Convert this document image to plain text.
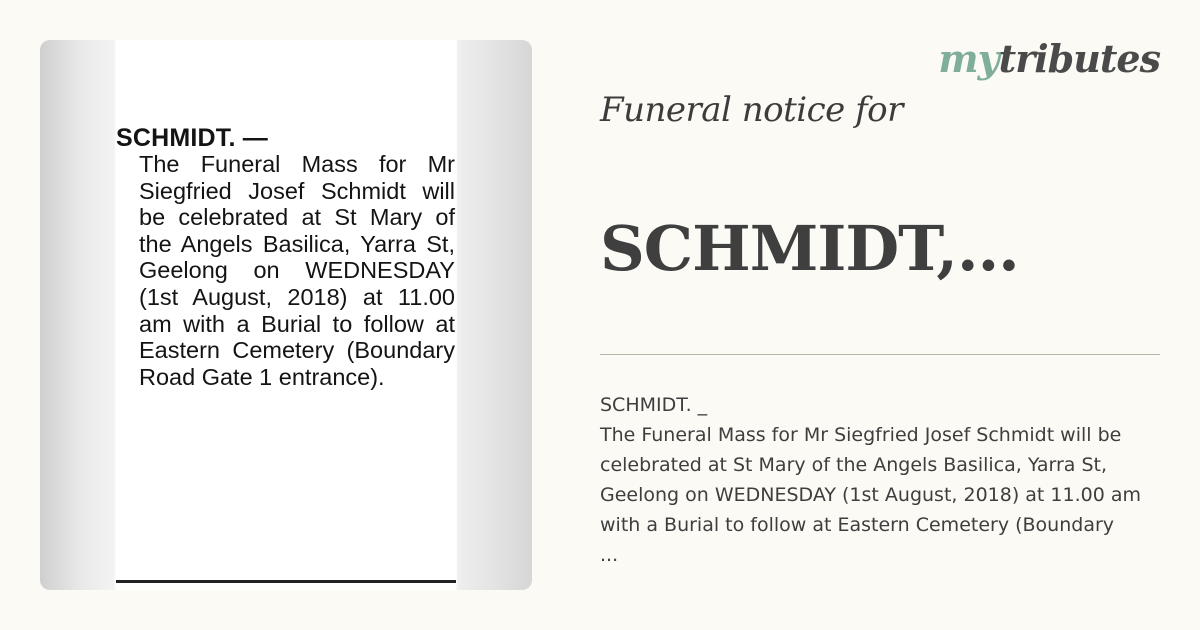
SCHMIDT. —
The Funeral Mass for Mr Siegfried Josef Schmidt will be celebrated at St Mary of the Angels Basilica, Yarra St, Geelong on WEDNESDAY (1st August, 2018) at 11.00 am with a Burial to follow at Eastern Cemetery (Boundary Road Gate 1 entrance).
mytributes
Funeral notice for
SCHMIDT,...
SCHMIDT. _
The Funeral Mass for Mr Siegfried Josef Schmidt will be celebrated at St Mary of the Angels Basilica, Yarra St, Geelong on WEDNESDAY (1st August, 2018) at 11.00 am with a Burial to follow at Eastern Cemetery (Boundary
...
